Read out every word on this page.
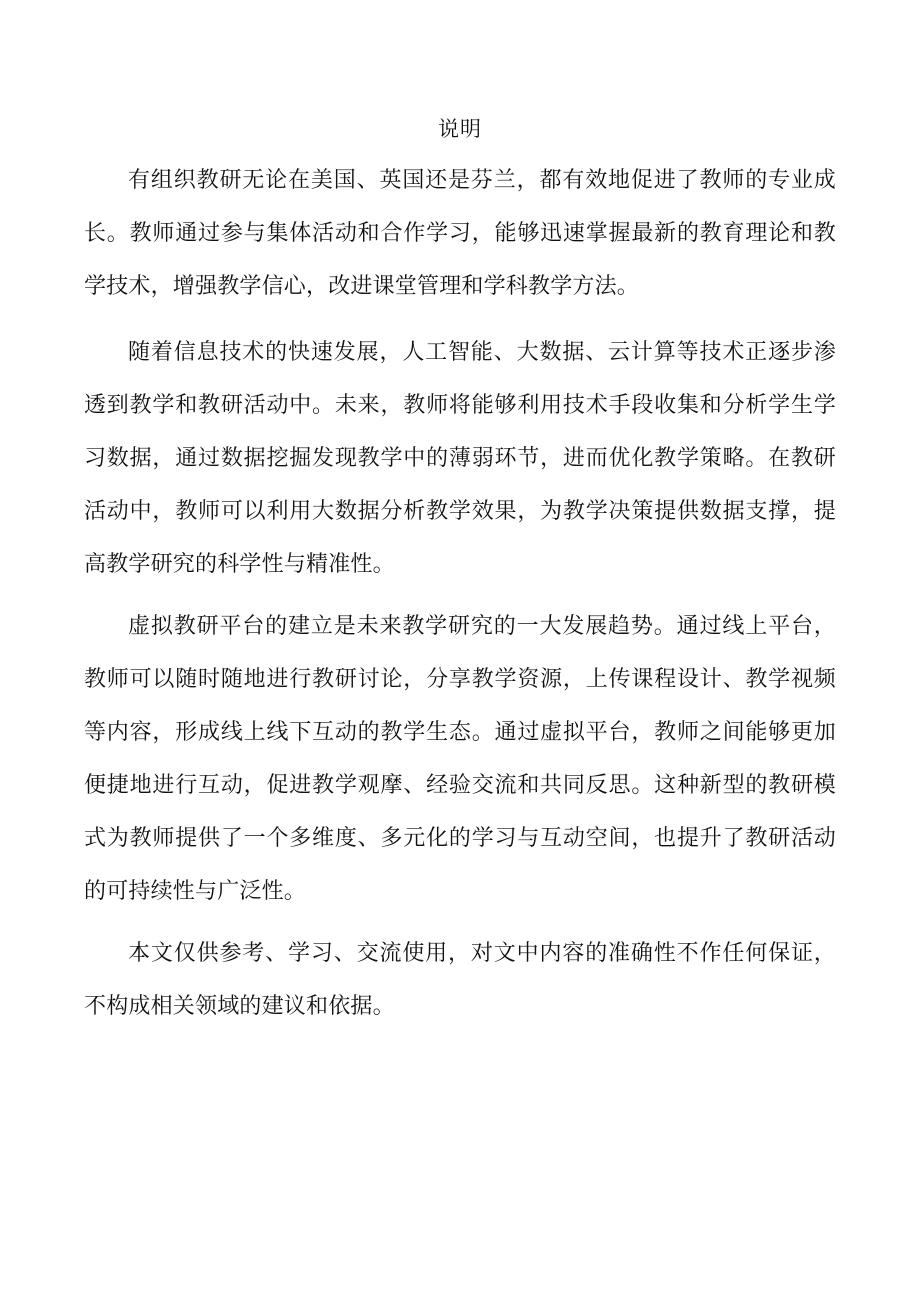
说明

有组织教研无论在美国、英国还是芬兰，都有效地促进了教师的专业成长。教师通过参与集体活动和合作学习，能够迅速掌握最新的教育理论和教学技术，增强教学信心，改进课堂管理和学科教学方法。

随着信息技术的快速发展，人工智能、大数据、云计算等技术正逐步渗透到教学和教研活动中。未来，教师将能够利用技术手段收集和分析学生学习数据，通过数据挖掘发现教学中的薄弱环节，进而优化教学策略。在教研活动中，教师可以利用大数据分析教学效果，为教学决策提供数据支撑，提高教学研究的科学性与精准性。

虚拟教研平台的建立是未来教学研究的一大发展趋势。通过线上平台，教师可以随时随地进行教研讨论，分享教学资源，上传课程设计、教学视频等内容，形成线上线下互动的教学生态。通过虚拟平台，教师之间能够更加便捷地进行互动，促进教学观摩、经验交流和共同反思。这种新型的教研模式为教师提供了一个多维度、多元化的学习与互动空间，也提升了教研活动的可持续性与广泛性。

本文仅供参考、学习、交流使用，对文中内容的准确性不作任何保证，不构成相关领域的建议和依据。
